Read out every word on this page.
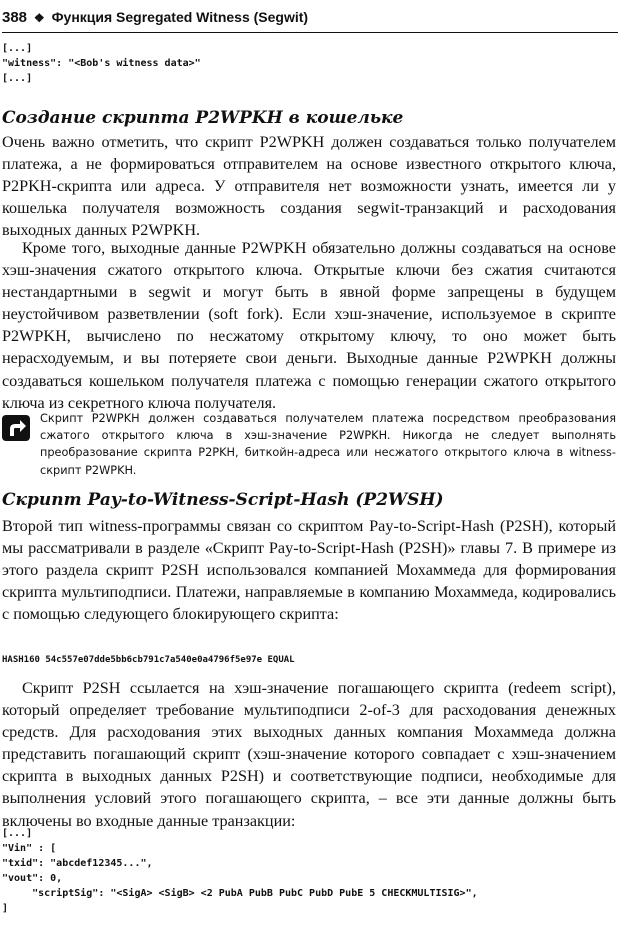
388 ❖ Функция Segregated Witness (Segwit)
[...]
"witness": "<Bob's witness data>"
[...]
Создание скрипта P2WPKH в кошельке
Очень важно отметить, что скрипт P2WPKH должен создаваться только получателем платежа, а не формироваться отправителем на основе известного открытого ключа, P2PKH-скрипта или адреса. У отправителя нет возможности узнать, имеется ли у кошелька получателя возможность создания segwit-транзакций и расходования выходных данных P2WPKH.
Кроме того, выходные данные P2WPKH обязательно должны создаваться на основе хэш-значения сжатого открытого ключа. Открытые ключи без сжатия считаются нестандартными в segwit и могут быть в явной форме запрещены в будущем неустойчивом разветвлении (soft fork). Если хэш-значение, используемое в скрипте P2WPKH, вычислено по несжатому открытому ключу, то оно может быть нерасходуемым, и вы потеряете свои деньги. Выходные данные P2WPKH должны создаваться кошельком получателя платежа с помощью генерации сжатого открытого ключа из секретного ключа получателя.
Скрипт P2WPKH должен создаваться получателем платежа посредством преобразования сжатого открытого ключа в хэш-значение P2WPKH. Никогда не следует выполнять преобразование скрипта P2PKH, биткойн-адреса или несжатого открытого ключа в witness-скрипт P2WPKH.
Скрипт Pay-to-Witness-Script-Hash (P2WSH)
Второй тип witness-программы связан со скриптом Pay-to-Script-Hash (P2SH), который мы рассматривали в разделе «Скрипт Pay-to-Script-Hash (P2SH)» главы 7. В примере из этого раздела скрипт P2SH использовался компанией Мохаммеда для формирования скрипта мультиподписи. Платежи, направляемые в компанию Мохаммеда, кодировались с помощью следующего блокирующего скрипта:
HASH160 54c557e07dde5bb6cb791c7a540e0a4796f5e97e EQUAL
Скрипт P2SH ссылается на хэш-значение погашающего скрипта (redeem script), который определяет требование мультиподписи 2-of-3 для расходования денежных средств. Для расходования этих выходных данных компания Мохаммеда должна представить погашающий скрипт (хэш-значение которого совпадает с хэш-значением скрипта в выходных данных P2SH) и соответствующие подписи, необходимые для выполнения условий этого погашающего скрипта, – все эти данные должны быть включены во входные данные транзакции:
[...]
"Vin" : [
"txid": "abcdef12345...",
"vout": 0,
"scriptSig": "<SigA> <SigB> <2 PubA PubB PubC PubD PubE 5 CHECKMULTISIG>",
]
